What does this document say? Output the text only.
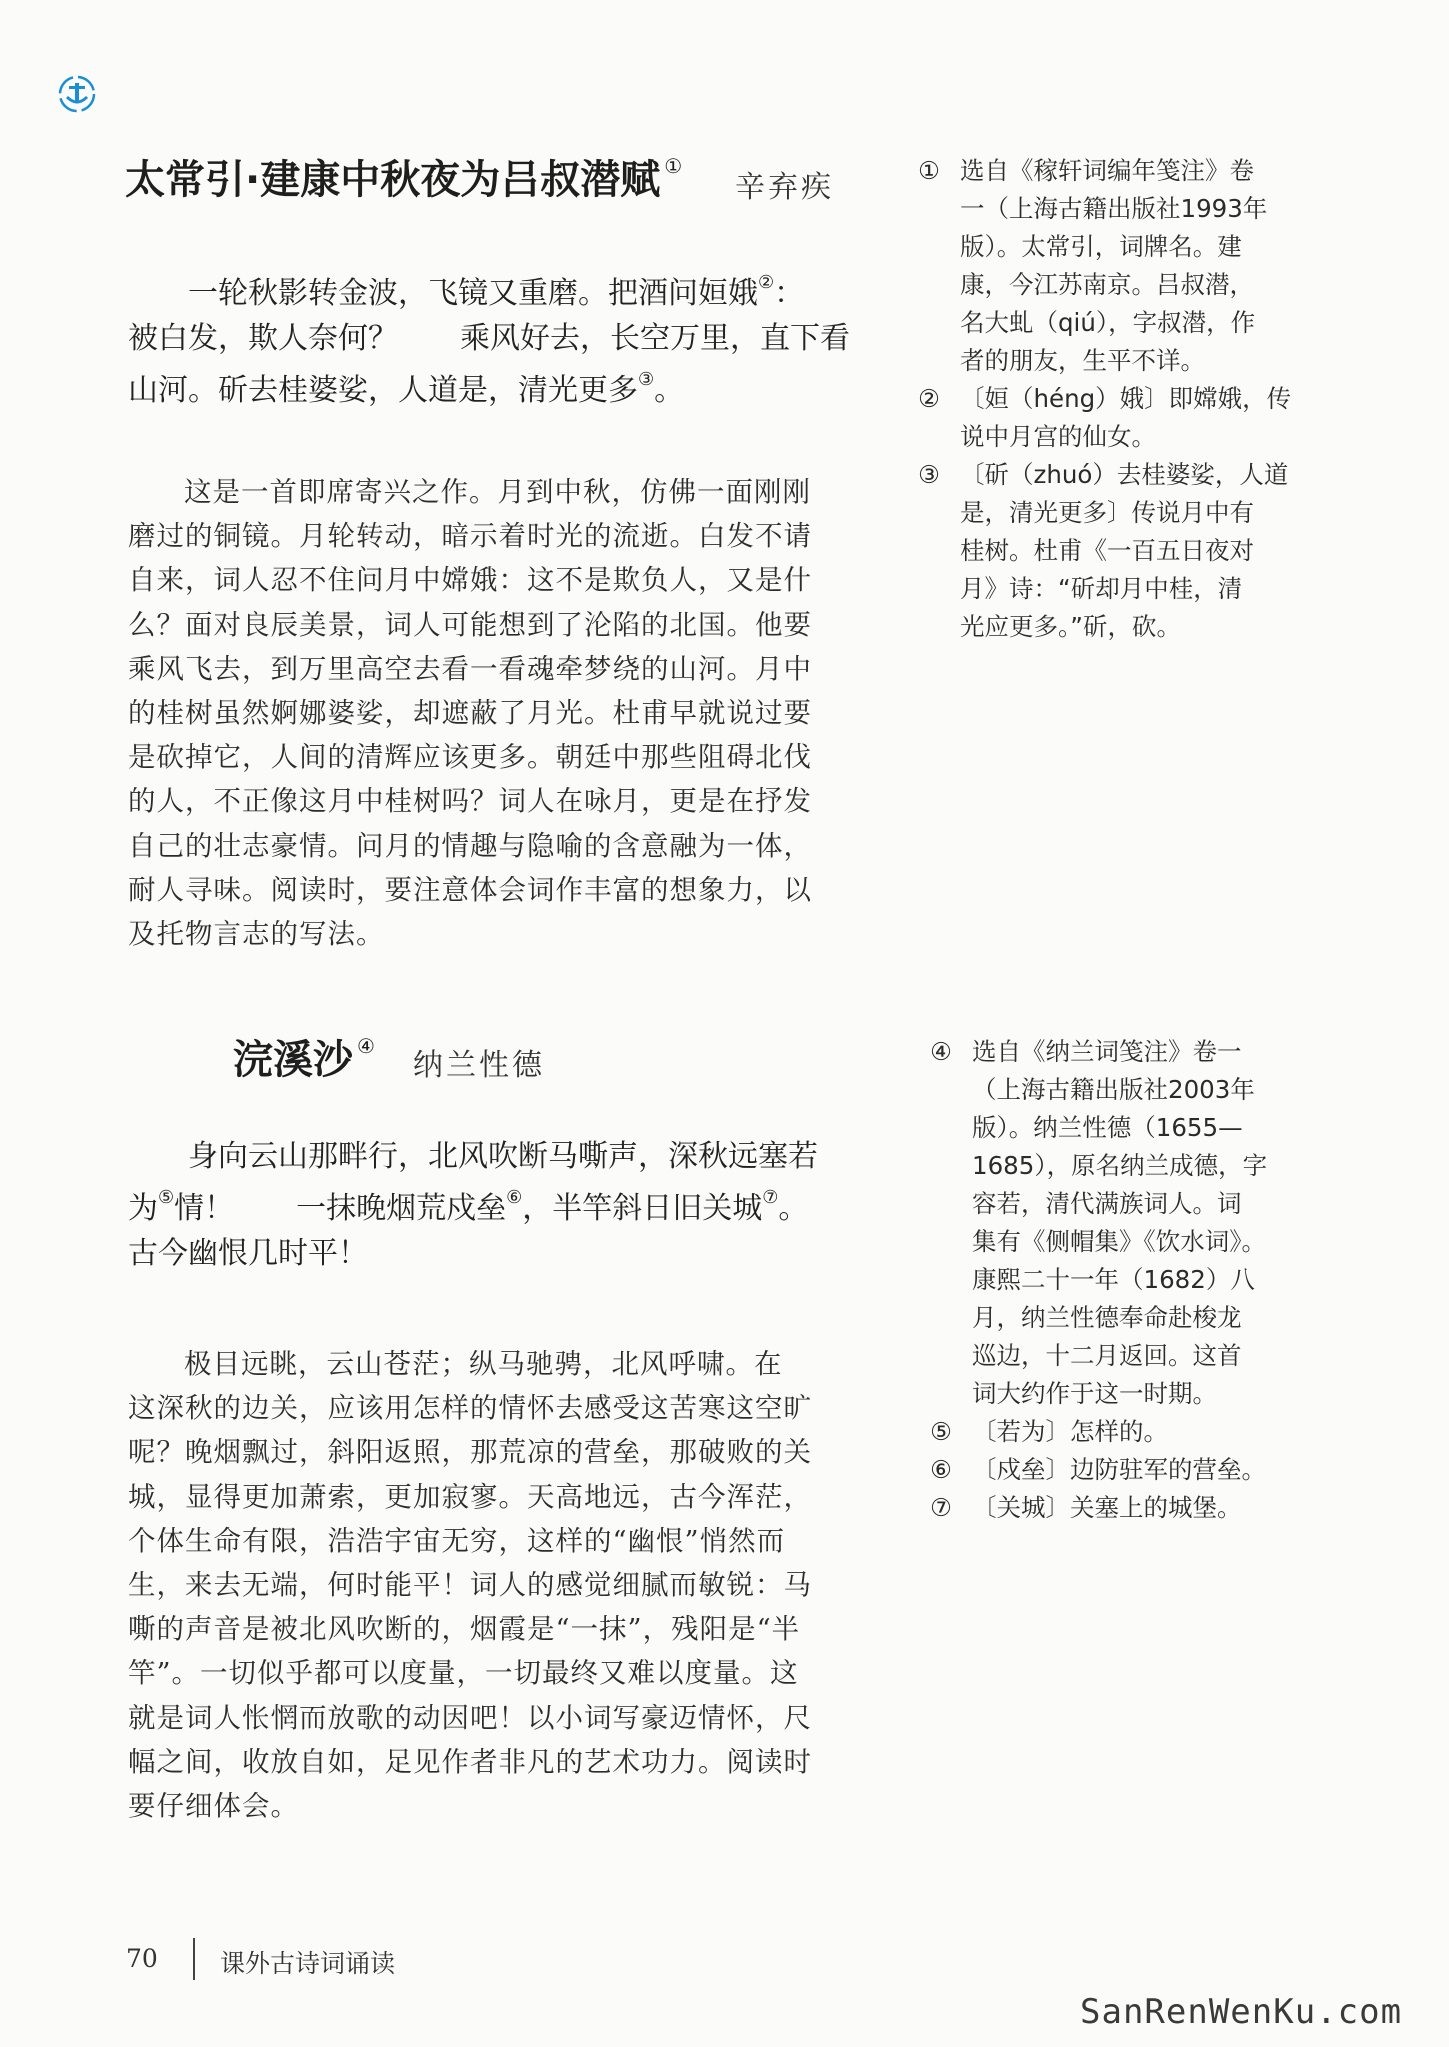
太常引·建康中秋夜为吕叔潜赋 ①
辛弃疾
一轮秋影转金波，飞镜又重磨。把酒问姮娥②：
被白发，欺人奈何？ 乘风好去，长空万里，直下看
山河。斫去桂婆娑，人道是，清光更多③。
这是一首即席寄兴之作。月到中秋，仿佛一面刚刚
磨过的铜镜。月轮转动，暗示着时光的流逝。白发不请
自来，词人忍不住问月中嫦娥：这不是欺负人，又是什
么？面对良辰美景，词人可能想到了沦陷的北国。他要
乘风飞去，到万里高空去看一看魂牵梦绕的山河。月中
的桂树虽然婀娜婆娑，却遮蔽了月光。杜甫早就说过要
是砍掉它，人间的清辉应该更多。朝廷中那些阻碍北伐
的人，不正像这月中桂树吗？词人在咏月，更是在抒发
自己的壮志豪情。问月的情趣与隐喻的含意融为一体，
耐人寻味。阅读时，要注意体会词作丰富的想象力，以
及托物言志的写法。
① 选自《稼轩词编年笺注》卷
一（上海古籍出版社1993年
版）。太常引，词牌名。建
康，今江苏南京。吕叔潜，
名大虬（qiú），字叔潜，作
者的朋友，生平不详。
② 〔姮（héng）娥〕即嫦娥，传
说中月宫的仙女。
③ 〔斫（zhuó）去桂婆娑，人道
是，清光更多〕传说月中有
桂树。杜甫《一百五日夜对
月》诗：“斫却月中桂，清
光应更多。”斫，砍。
浣溪沙 ④
纳兰性德
身向云山那畔行，北风吹断马嘶声，深秋远塞若
为⑤情！ 一抹晚烟荒戍垒⑥，半竿斜日旧关城⑦。
古今幽恨几时平！
极目远眺，云山苍茫；纵马驰骋，北风呼啸。在
这深秋的边关，应该用怎样的情怀去感受这苦寒这空旷
呢？晚烟飘过，斜阳返照，那荒凉的营垒，那破败的关
城，显得更加萧索，更加寂寥。天高地远，古今浑茫，
个体生命有限，浩浩宇宙无穷，这样的“幽恨”悄然而
生，来去无端，何时能平！词人的感觉细腻而敏锐：马
嘶的声音是被北风吹断的，烟霞是“一抹”，残阳是“半
竿”。一切似乎都可以度量，一切最终又难以度量。这
就是词人怅惘而放歌的动因吧！以小词写豪迈情怀，尺
幅之间，收放自如，足见作者非凡的艺术功力。阅读时
要仔细体会。
④ 选自《纳兰词笺注》卷一
（上海古籍出版社2003年
版）。纳兰性德（1655—
1685），原名纳兰成德，字
容若，清代满族词人。词
集有《侧帽集》《饮水词》。
康熙二十一年（1682）八
月，纳兰性德奉命赴梭龙
巡边，十二月返回。这首
词大约作于这一时期。
⑤ 〔若为〕怎样的。
⑥ 〔戍垒〕边防驻军的营垒。
⑦ 〔关城〕关塞上的城堡。
70 课外古诗词诵读
SanRenWenKu.com
